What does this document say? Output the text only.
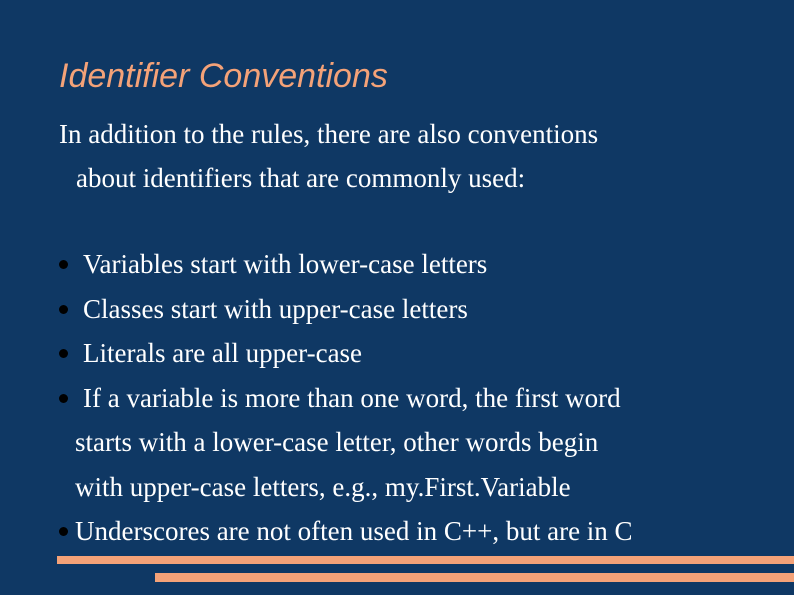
Identifier Conventions

In addition to the rules, there are also conventions
about identifiers that are commonly used:

Variables start with lower-case letters
Classes start with upper-case letters
Literals are all upper-case
If a variable is more than one word, the first word
starts with a lower-case letter, other words begin
with upper-case letters, e.g., my.First.Variable
Underscores are not often used in C++, but are in C
